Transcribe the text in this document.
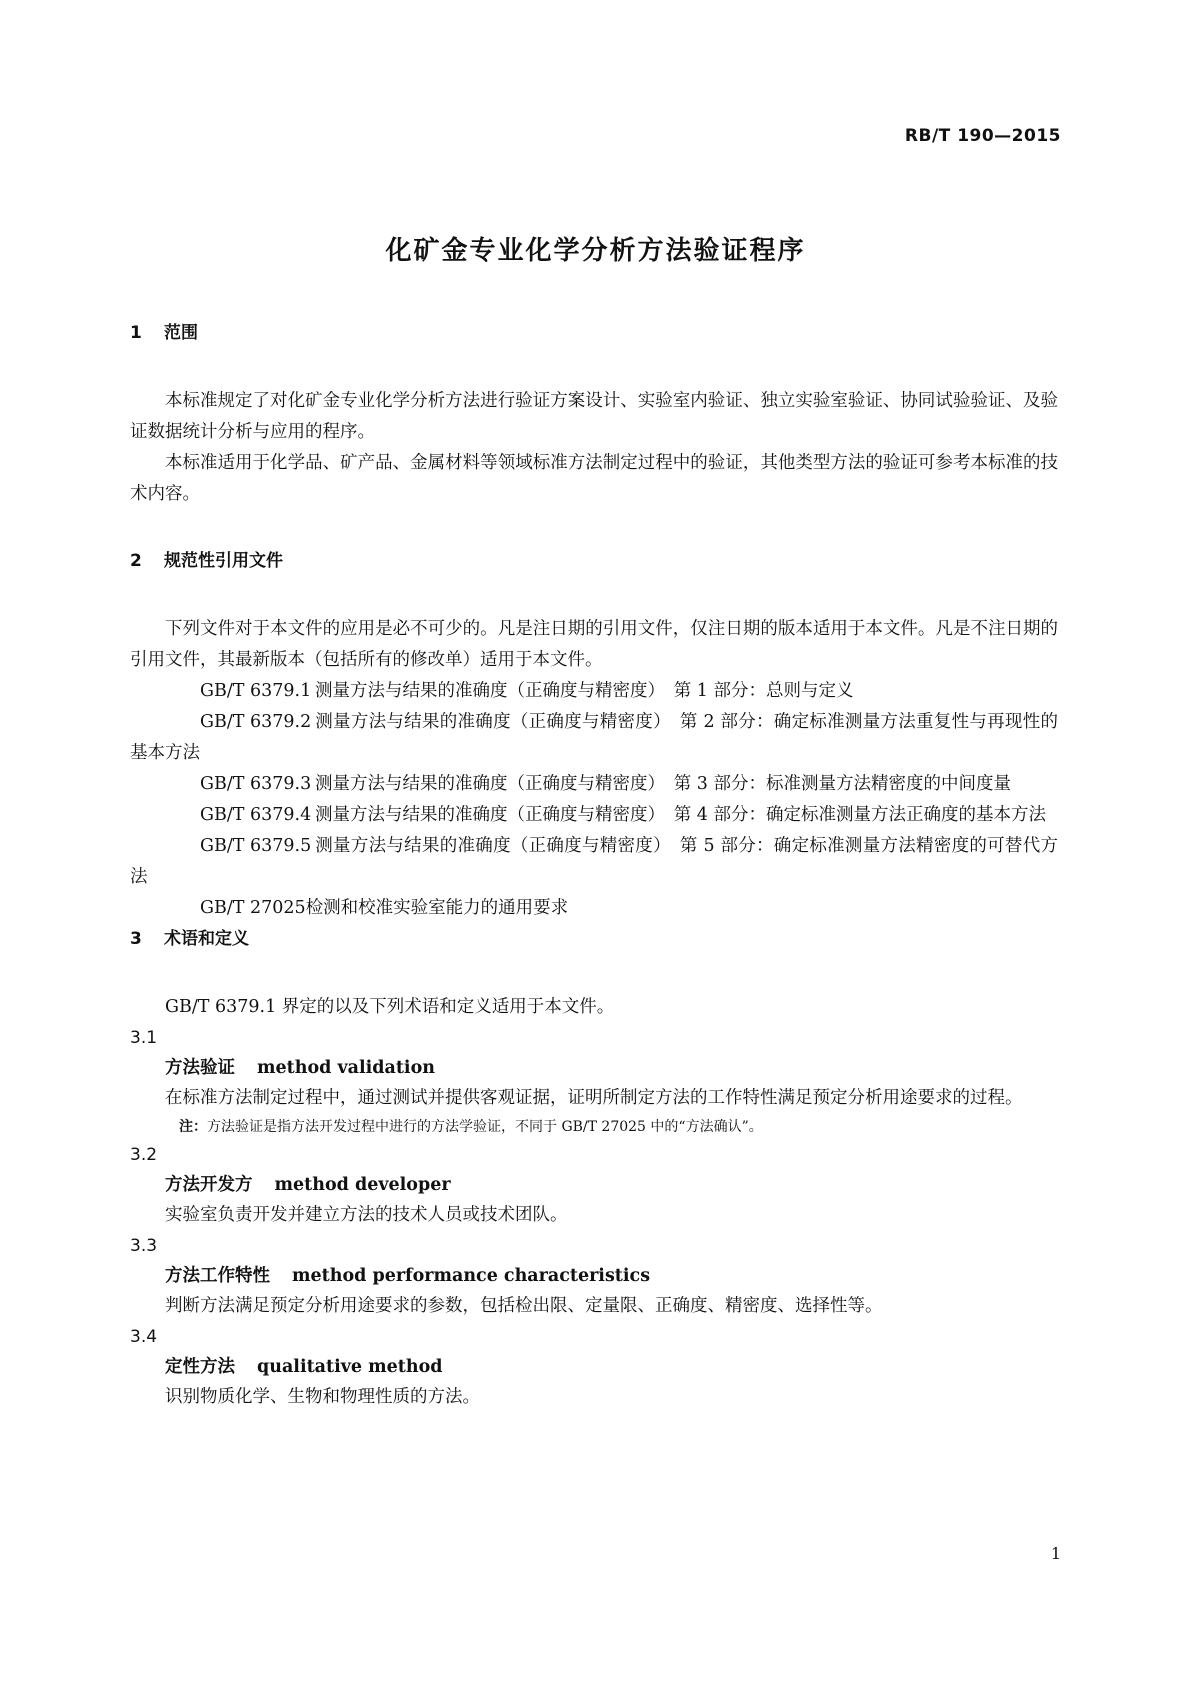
RB/T 190—2015
化矿金专业化学分析方法验证程序
1 范围

本标准规定了对化矿金专业化学分析方法进行验证方案设计、实验室内验证、独立实验室验证、协同试验验证、及验证数据统计分析与应用的程序。

本标准适用于化学品、矿产品、金属材料等领域标准方法制定过程中的验证，其他类型方法的验证可参考本标准的技术内容。

2 规范性引用文件

下列文件对于本文件的应用是必不可少的。凡是注日期的引用文件，仅注日期的版本适用于本文件。凡是不注日期的引用文件，其最新版本（包括所有的修改单）适用于本文件。

GB/T 6379.1 测量方法与结果的准确度（正确度与精密度）　第 1 部分：总则与定义

GB/T 6379.2 测量方法与结果的准确度（正确度与精密度）　第 2 部分：确定标准测量方法重复性与再现性的基本方法

GB/T 6379.3 测量方法与结果的准确度（正确度与精密度）　第 3 部分：标准测量方法精密度的中间度量

GB/T 6379.4 测量方法与结果的准确度（正确度与精密度）　第 4 部分：确定标准测量方法正确度的基本方法

GB/T 6379.5 测量方法与结果的准确度（正确度与精密度）　第 5 部分：确定标准测量方法精密度的可替代方法

GB/T 27025检测和校准实验室能力的通用要求

3 术语和定义

GB/T 6379.1 界定的以及下列术语和定义适用于本文件。

3.1

方法验证 method validation

在标准方法制定过程中，通过测试并提供客观证据，证明所制定方法的工作特性满足预定分析用途要求的过程。

注：方法验证是指方法开发过程中进行的方法学验证，不同于 GB/T 27025 中的“方法确认”。

3.2

方法开发方 method developer

实验室负责开发并建立方法的技术人员或技术团队。

3.3

方法工作特性 method performance characteristics

判断方法满足预定分析用途要求的参数，包括检出限、定量限、正确度、精密度、选择性等。

3.4

定性方法 qualitative method

识别物质化学、生物和物理性质的方法。

1
